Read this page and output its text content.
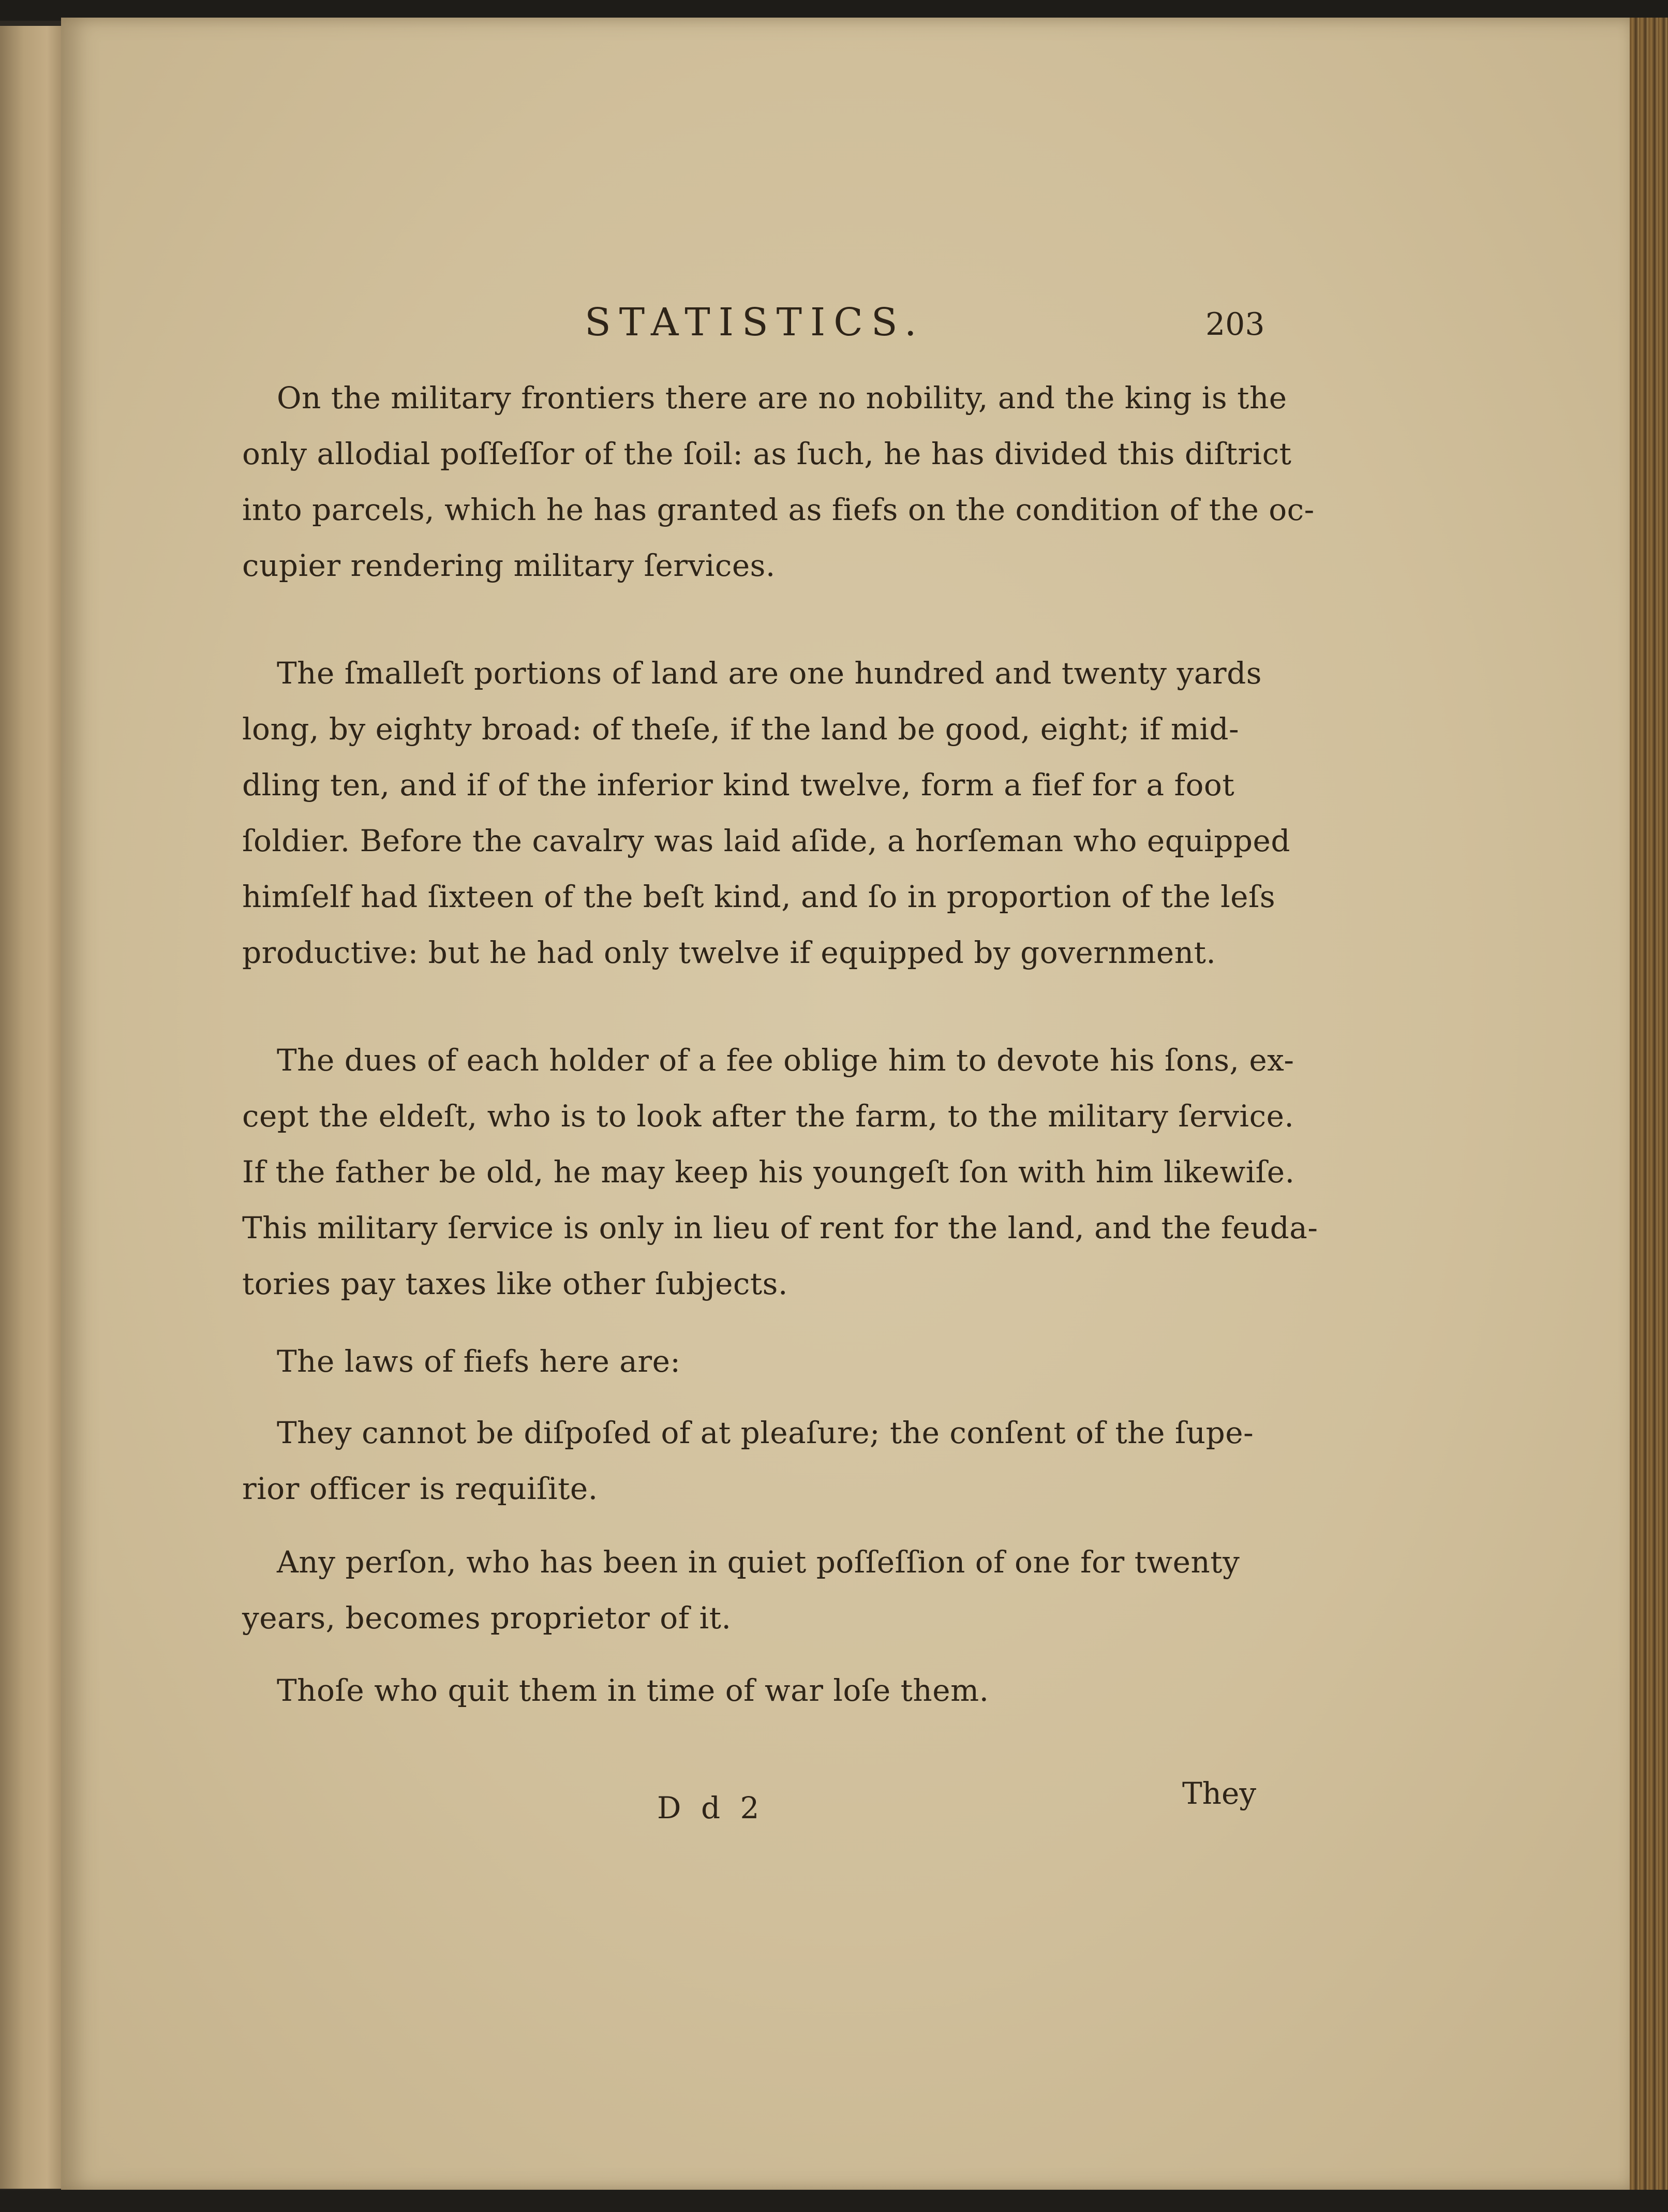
STATISTICS.	203
On the military frontiers there are no nobility, and the king is the
only allodial poſſeſſor of the ſoil: as ſuch, he has divided this diſtrict
into parcels, which he has granted as fiefs on the condition of the oc-
cupier rendering military ſervices.
The ſmalleſt portions of land are one hundred and twenty yards
long, by eighty broad: of theſe, if the land be good, eight; if mid-
dling ten, and if of the inferior kind twelve, form a fief for a foot
ſoldier. Before the cavalry was laid aſide, a horſeman who equipped
himſelf had ſixteen of the beſt kind, and ſo in proportion of the leſs
productive: but he had only twelve if equipped by government.
The dues of each holder of a fee oblige him to devote his ſons, ex-
cept the eldeſt, who is to look after the farm, to the military ſervice.
If the father be old, he may keep his youngeſt ſon with him likewiſe.
This military ſervice is only in lieu of rent for the land, and the feuda-
tories pay taxes like other ſubjects.
The laws of fiefs here are:
They cannot be diſpoſed of at pleaſure; the conſent of the ſupe-
rior officer is requiſite.
Any perſon, who has been in quiet poſſeſſion of one for twenty
years, becomes proprietor of it.
Thoſe who quit them in time of war loſe them.
D d 2	They
